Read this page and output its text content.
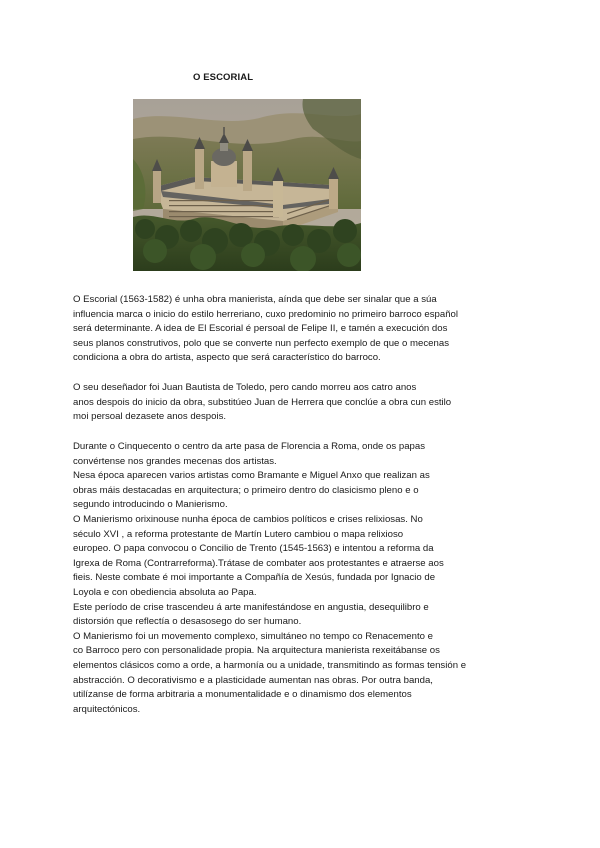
O ESCORIAL
O Escorial (1563-1582) é unha obra manierista, aínda que debe ser sinalar que a súa
influencia marca o inicio do estilo herreriano, cuxo predominio no primeiro barroco español
será determinante. A idea de El Escorial é persoal de Felipe II, e tamén a execución dos
seus planos construtivos, polo que se converte nun perfecto exemplo de que o mecenas
condiciona a obra do artista, aspecto que será característico do barroco.
O seu deseñador foi Juan Bautista de Toledo, pero cando morreu aos catro anos
anos despois do inicio da obra, substitúeo Juan de Herrera que conclúe a obra cun estilo
moi persoal dezasete anos despois.
Durante o Cinquecento o centro da arte pasa de Florencia a Roma, onde os papas
convértense nos grandes mecenas dos artistas.
Nesa época aparecen varios artistas como Bramante e Miguel Anxo que realizan as
obras máis destacadas en arquitectura; o primeiro dentro do clasicismo pleno e o
segundo introducindo o Manierismo.
O Manierismo orixinouse nunha época de cambios políticos e crises relixiosas. No
século XVI , a reforma protestante de Martín Lutero cambiou o mapa relixioso
europeo. O papa convocou o Concilio de Trento (1545-1563) e intentou a reforma da
Igrexa de Roma (Contrarreforma).Trátase de combater aos protestantes e atraerse aos
fieis. Neste combate é moi importante a Compañía de Xesús, fundada por Ignacio de
Loyola e con obediencia absoluta ao Papa.
Este período de crise trascendeu á arte manifestándose en angustia, desequilibro e
distorsión que reflectía o desasosego do ser humano.
O Manierismo foi un movemento complexo, simultáneo no tempo co Renacemento e
co Barroco pero con personalidade propia. Na arquitectura manierista rexeitábanse os
elementos clásicos como a orde, a harmonía ou a unidade, transmitindo as formas tensión e
abstracción. O decorativismo e a plasticidade aumentan nas obras. Por outra banda,
utilízanse de forma arbitraria a monumentalidade e o dinamismo dos elementos
arquitectónicos.
